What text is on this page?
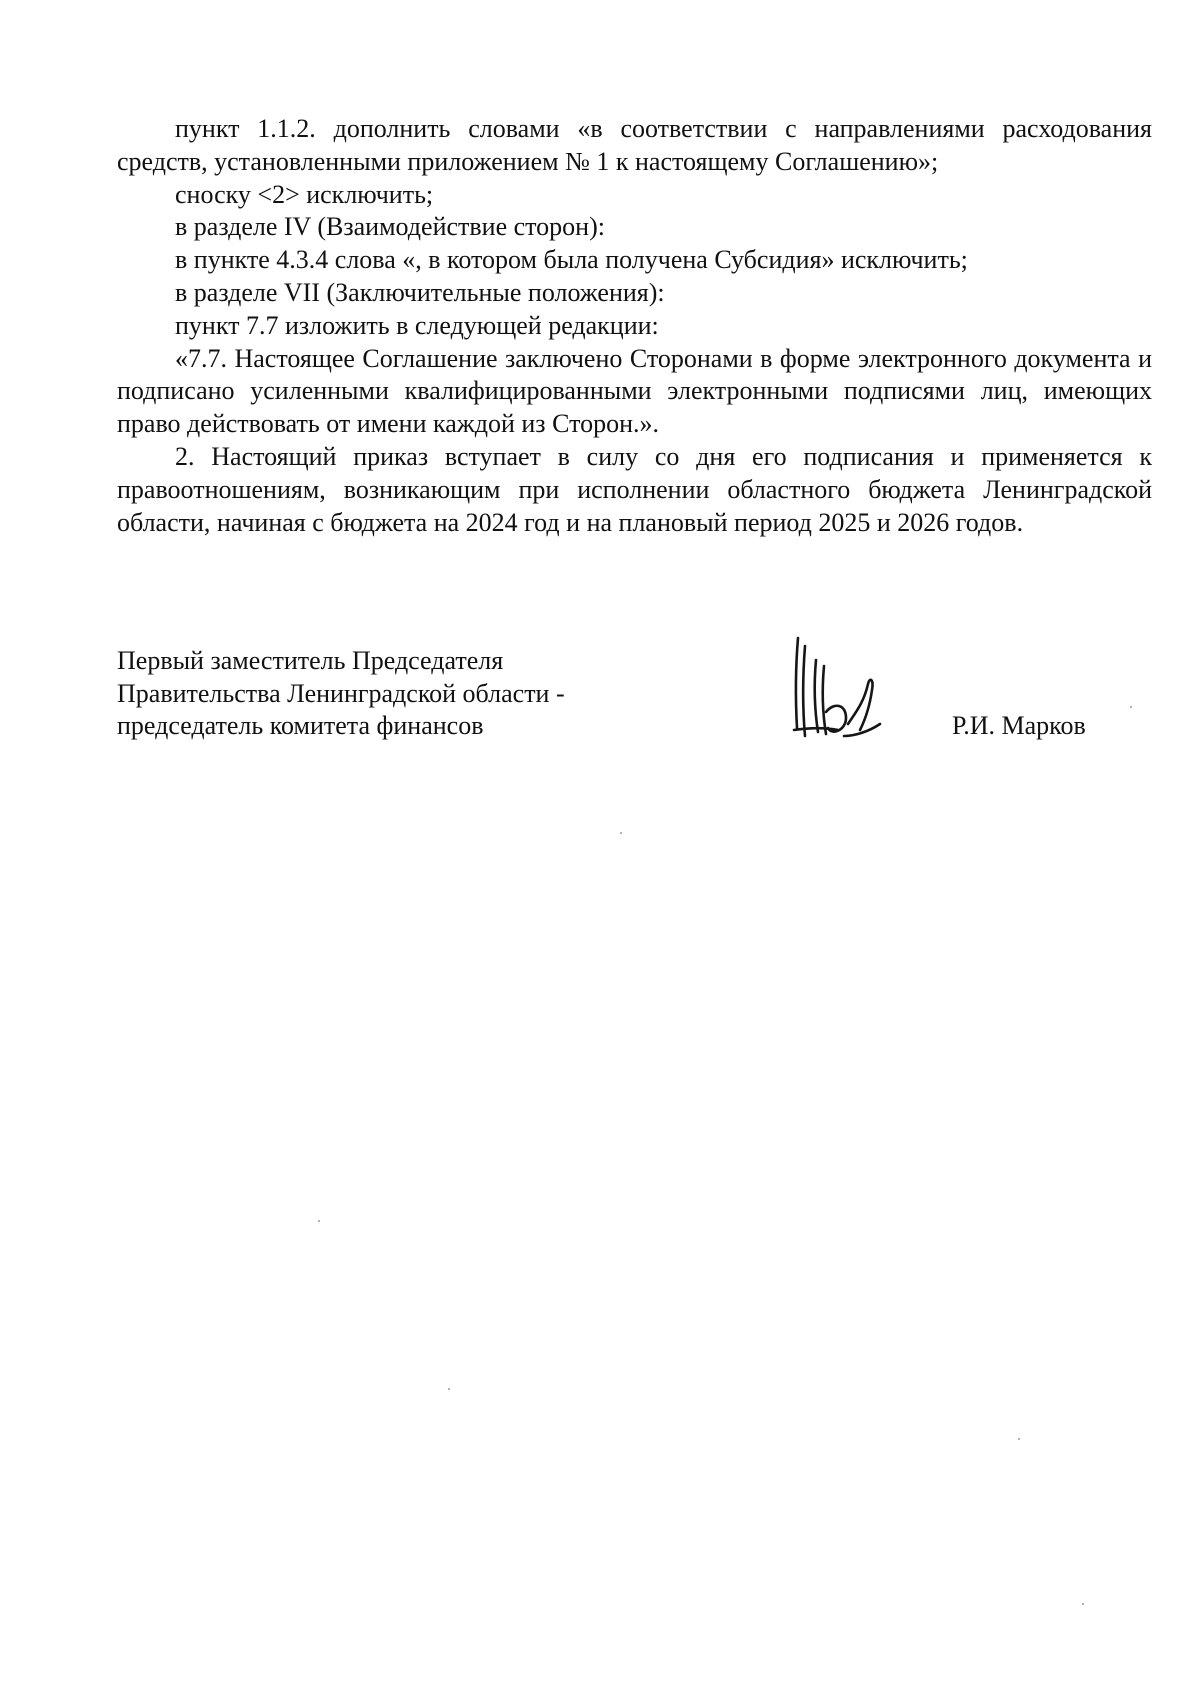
пункт 1.1.2. дополнить словами «в соответствии с направлениями расходования средств, установленными приложением № 1 к настоящему Соглашению»;

сноску <2> исключить;

в разделе IV (Взаимодействие сторон):

в пункте 4.3.4 слова «, в котором была получена Субсидия» исключить;

в разделе VII (Заключительные положения):

пункт 7.7 изложить в следующей редакции:

«7.7. Настоящее Соглашение заключено Сторонами в форме электронного документа и подписано усиленными квалифицированными электронными подписями лиц, имеющих право действовать от имени каждой из Сторон.».

2. Настоящий приказ вступает в силу со дня его подписания и применяется к правоотношениям, возникающим при исполнении областного бюджета Ленинградской области, начиная с бюджета на 2024 год и на плановый период 2025 и 2026 годов.

Первый заместитель Председателя
Правительства Ленинградской области -
председатель комитета финансов	Р.И. Марков
